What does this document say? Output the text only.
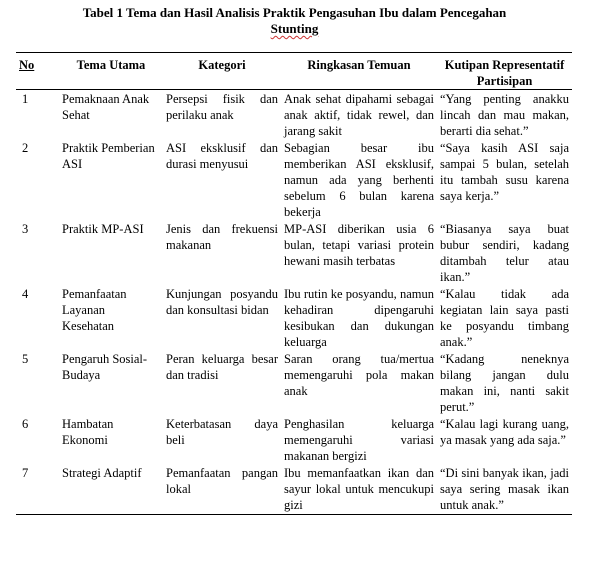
Tabel 1 Tema dan Hasil Analisis Praktik Pengasuhan Ibu dalam Pencegahan
Stunting
No	Tema Utama	Kategori	Ringkasan Temuan	Kutipan Representatif Partisipan
1	Pemaknaan Anak Sehat	Persepsi fisik dan perilaku anak	Anak sehat dipahami sebagai anak aktif, tidak rewel, dan jarang sakit	“Yang penting anakku lincah dan mau makan, berarti dia sehat.”
2	Praktik Pemberian ASI	ASI eksklusif dan durasi menyusui	Sebagian besar ibu memberikan ASI eksklusif, namun ada yang berhenti sebelum 6 bulan karena bekerja	“Saya kasih ASI saja sampai 5 bulan, setelah itu tambah susu karena saya kerja.”
3	Praktik MP-ASI	Jenis dan frekuensi makanan	MP-ASI diberikan usia 6 bulan, tetapi variasi protein hewani masih terbatas	“Biasanya saya buat bubur sendiri, kadang ditambah telur atau ikan.”
4	Pemanfaatan Layanan Kesehatan	Kunjungan posyandu dan konsultasi bidan	Ibu rutin ke posyandu, namun kehadiran dipengaruhi kesibukan dan dukungan keluarga	“Kalau tidak ada kegiatan lain saya pasti ke posyandu timbang anak.”
5	Pengaruh Sosial-Budaya	Peran keluarga besar dan tradisi	Saran orang tua/mertua memengaruhi pola makan anak	“Kadang neneknya bilang jangan dulu makan ini, nanti sakit perut.”
6	Hambatan Ekonomi	Keterbatasan daya beli	Penghasilan keluarga memengaruhi variasi makanan bergizi	“Kalau lagi kurang uang, ya masak yang ada saja.”
7	Strategi Adaptif	Pemanfaatan pangan lokal	Ibu memanfaatkan ikan dan sayur lokal untuk mencukupi gizi	“Di sini banyak ikan, jadi saya sering masak ikan untuk anak.”
